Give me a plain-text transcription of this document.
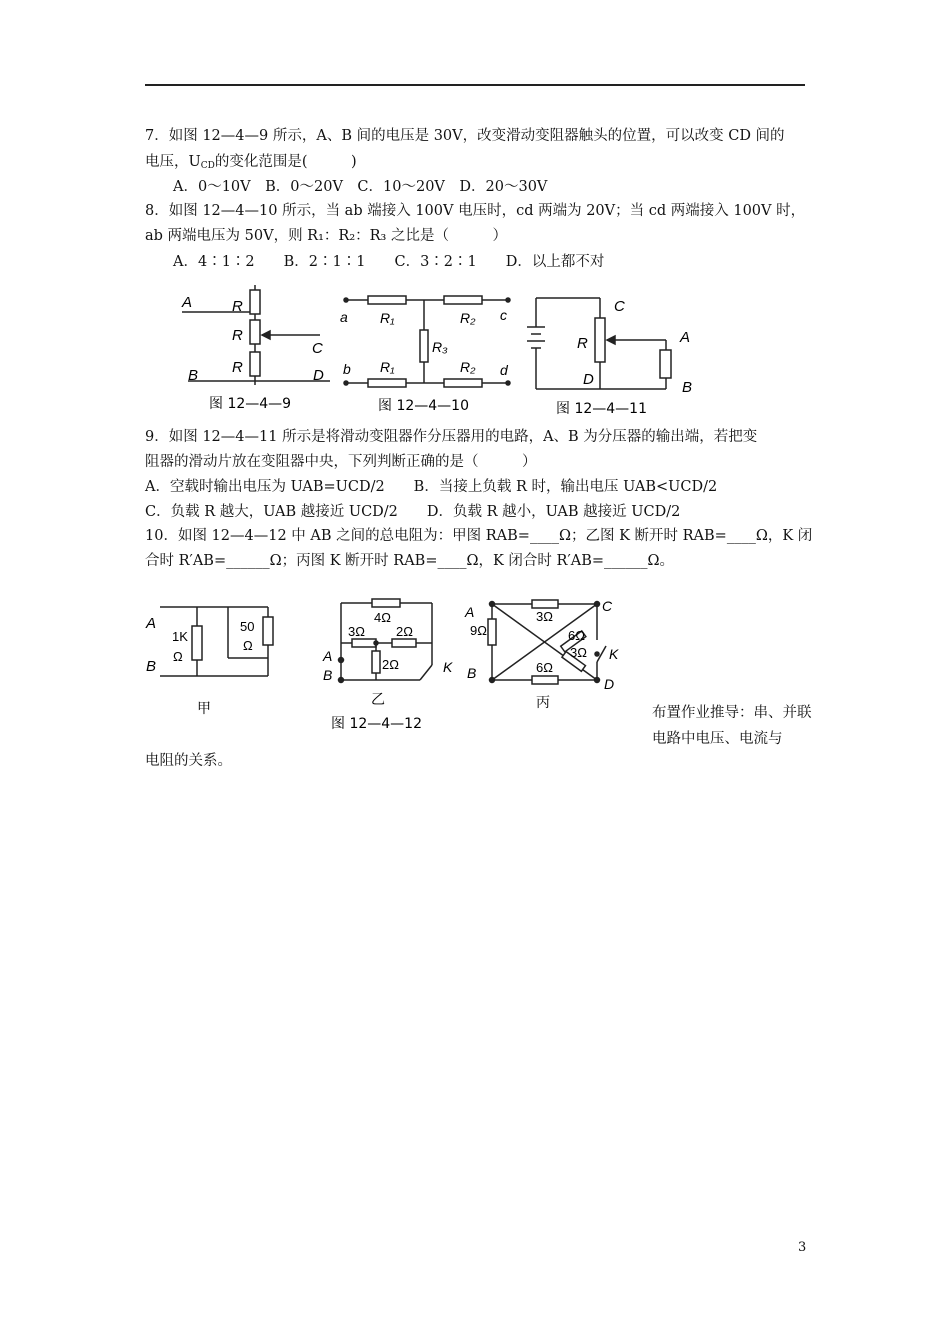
7．如图 12—4—9 所示，A、B 间的电压是 30V，改变滑动变阻器触头的位置，可以改变 CD 间的
电压，$U_{CD}$的变化范围是(　　　)
A．0～10V　B．0～20V　C．10～20V　D．20～30V
8．如图 12—4—10 所示，当 ab 端接入 100V 电压时，cd 两端为 20V；当 cd 两端接入 100V 时，
ab 两端电压为 50V，则 R₁：R₂：R₃ 之比是（　　　）
A．4∶1∶2　　B．2∶1∶1　　C．3∶2∶1　　D．以上都不对
A
B
C
D
R
R
R
图 12—4—9
a
b
c
d
R₁	R₂
R₃
R₁	R₂
图 12—4—10
C
R
D
A
B
图 12—4—11
9．如图 12—4—11 所示是将滑动变阻器作分压器用的电路，A、B 为分压器的输出端，若把变
阻器的滑动片放在变阻器中央，下列判断正确的是（　　　）
A．空载时输出电压为 UAB=UCD/2　　B．当接上负载 R 时，输出电压 UAB<UCD/2
C．负载 R 越大，UAB 越接近 UCD/2　　D．负载 R 越小，UAB 越接近 UCD/2
10．如图 12—4—12 中 AB 之间的总电阻为：甲图 RAB=____Ω；乙图 K 断开时 RAB=____Ω，K 闭
合时 R′AB=______Ω；丙图 K 断开时 RAB=____Ω，K 闭合时 R′AB=______Ω。
A
B
1K
Ω
50
Ω
甲
4Ω
3Ω 2Ω
2Ω
A
B	K
乙
图 12—4—12
A
B
C
D
K
9Ω
3Ω
6Ω
3Ω
6Ω
丙
布置作业推导：串、并联电路中电压、电流与
电阻的关系。
3
